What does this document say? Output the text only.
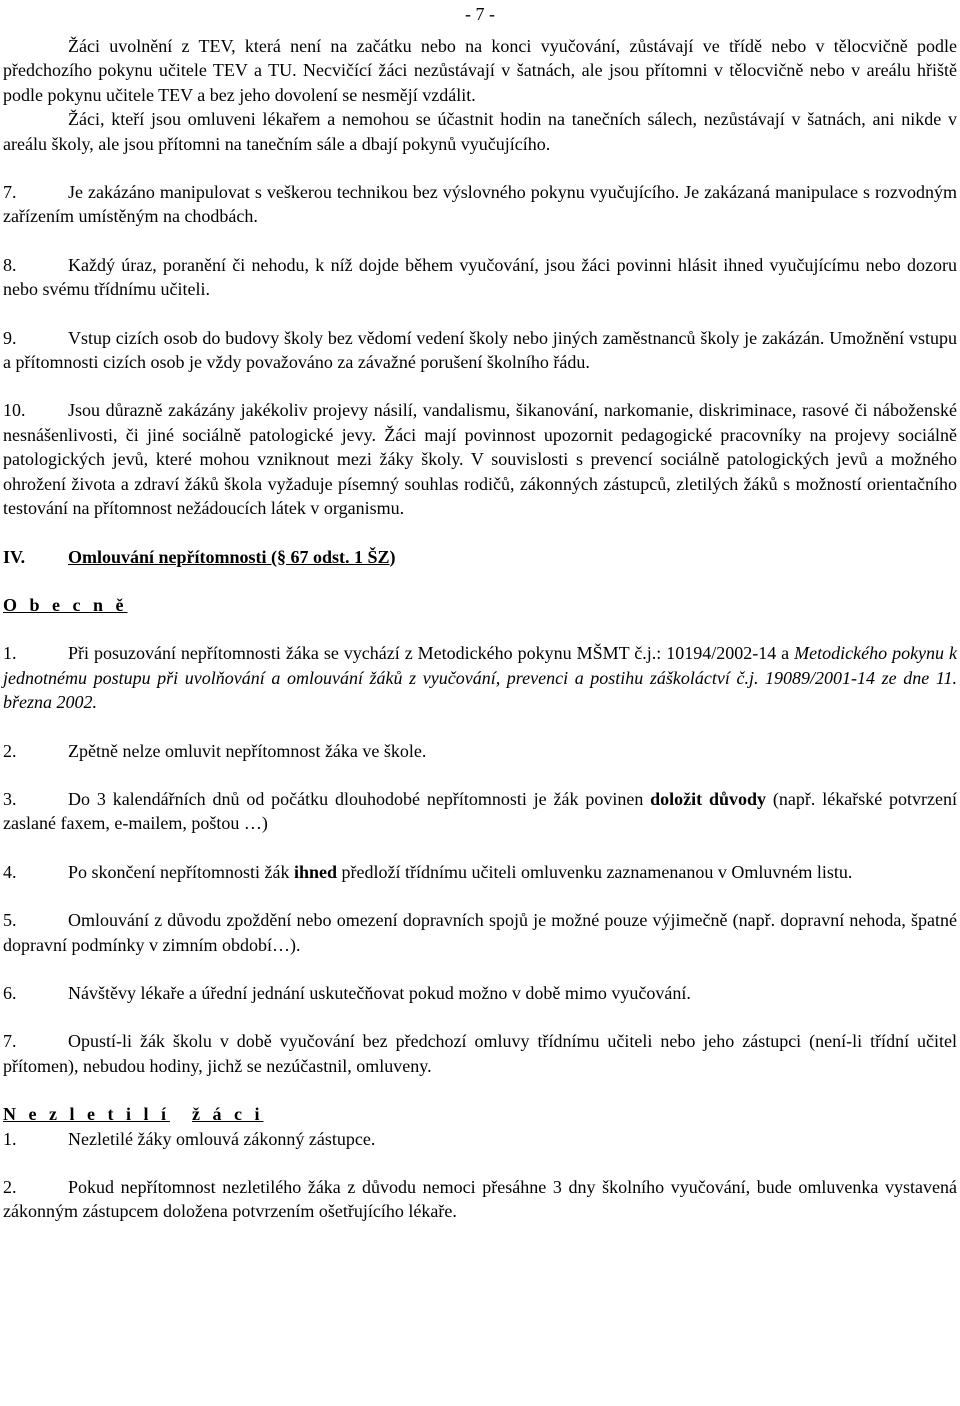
- 7 -

Žáci uvolnění z TEV, která není na začátku nebo na konci vyučování, zůstávají ve třídě nebo v tělocvičně podle předchozího pokynu učitele TEV a TU. Necvičící žáci nezůstávají v šatnách, ale jsou přítomni v tělocvičně nebo v areálu hřiště podle pokynu učitele TEV a bez jeho dovolení se nesmějí vzdálit.

Žáci, kteří jsou omluveni lékařem a nemohou se účastnit hodin na tanečních sálech, nezůstávají v šatnách, ani nikde v areálu školy, ale jsou přítomni na tanečním sále a dbají pokynů vyučujícího.

7.	Je zakázáno manipulovat s veškerou technikou bez výslovného pokynu vyučujícího. Je zakázaná manipulace s rozvodným zařízením umístěným na chodbách.

8.	Každý úraz, poranění či nehodu, k níž dojde během vyučování, jsou žáci povinni hlásit ihned vyučujícímu nebo dozoru nebo svému třídnímu učiteli.

9.	Vstup cizích osob do budovy školy bez vědomí vedení školy nebo jiných zaměstnanců školy je zakázán. Umožnění vstupu a přítomnosti cizích osob je vždy považováno za závažné porušení školního řádu.

10. Jsou důrazně zakázány jakékoliv projevy násilí, vandalismu, šikanování, narkomanie, diskriminace, rasové či náboženské nesnášenlivosti, či jiné sociálně patologické jevy. Žáci mají povinnost upozornit pedagogické pracovníky na projevy sociálně patologických jevů, které mohou vzniknout mezi žáky školy. V souvislosti s prevencí sociálně patologických jevů a možného ohrožení života a zdraví žáků škola vyžaduje písemný souhlas rodičů, zákonných zástupců, zletilých žáků s možností orientačního testování na přítomnost nežádoucích látek v organismu.

IV. Omlouvání nepřítomnosti (§ 67 odst. 1 ŠZ)

O b e c n ě

1.	Při posuzování nepřítomnosti žáka se vychází z Metodického pokynu MŠMT č.j.: 10194/2002-14 a Metodického pokynu k jednotnému postupu při uvolňování a omlouvání žáků z vyučování, prevenci a postihu záškoláctví č.j. 19089/2001-14 ze dne 11. března 2002.

2.	Zpětně nelze omluvit nepřítomnost žáka ve škole.

3.	Do 3 kalendářních dnů od počátku dlouhodobé nepřítomnosti je žák povinen doložit důvody (např. lékařské potvrzení zaslané faxem, e-mailem, poštou …)

4.	Po skončení nepřítomnosti žák ihned předloží třídnímu učiteli omluvenku zaznamenanou v Omluvném listu.

5.	Omlouvání z důvodu zpoždění nebo omezení dopravních spojů je možné pouze výjimečně (např. dopravní nehoda, špatné dopravní podmínky v zimním období…).

6.	Návštěvy lékaře a úřední jednání uskutečňovat pokud možno v době mimo vyučování.

7.	Opustí-li žák školu v době vyučování bez předchozí omluvy třídnímu učiteli nebo jeho zástupci (není-li třídní učitel přítomen), nebudou hodiny, jichž se nezúčastnil, omluveny.

N e z l e t i l í ž á c i

1.	Nezletilé žáky omlouvá zákonný zástupce.

2.	Pokud nepřítomnost nezletilého žáka z důvodu nemoci přesáhne 3 dny školního vyučování, bude omluvenka vystavená zákonným zástupcem doložena potvrzením ošetřujícího lékaře.
